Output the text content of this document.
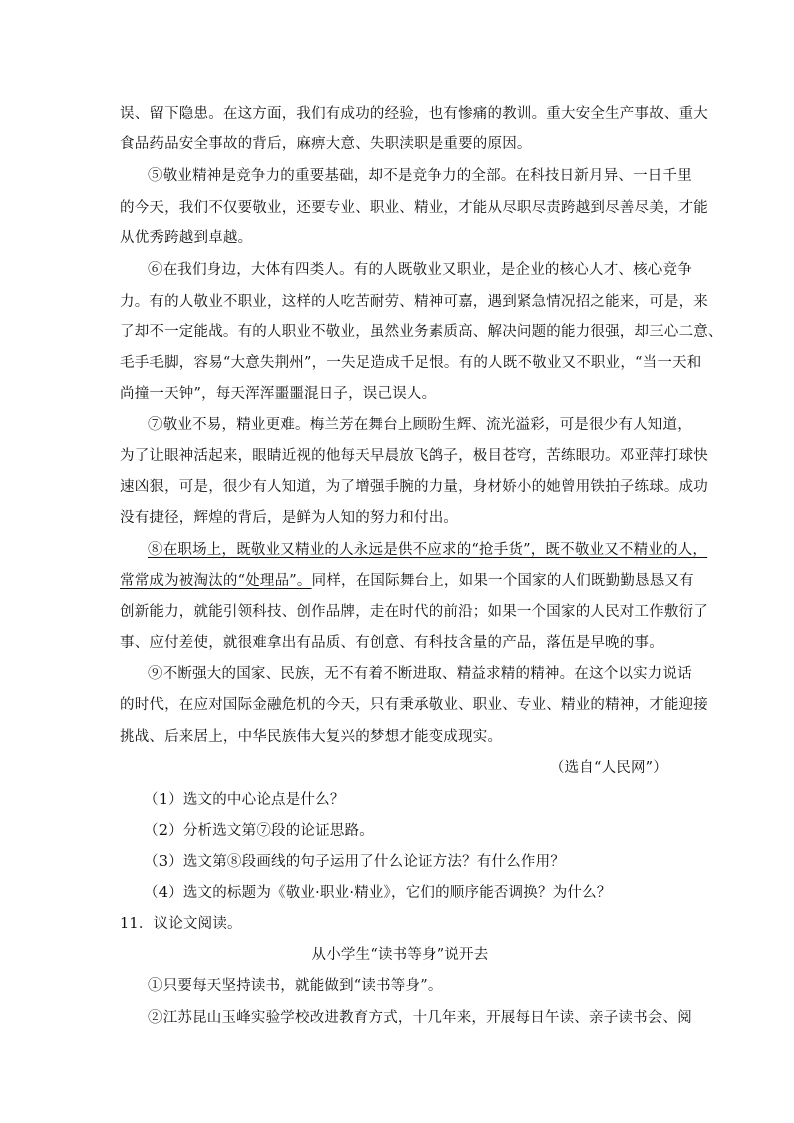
误、留下隐患。在这方面，我们有成功的经验，也有惨痛的教训。重大安全生产事故、重大
食品药品安全事故的背后，麻痹大意、失职渎职是重要的原因。
⑤敬业精神是竞争力的重要基础，却不是竞争力的全部。在科技日新月异、一日千里
的今天，我们不仅要敬业，还要专业、职业、精业，才能从尽职尽责跨越到尽善尽美，才能
从优秀跨越到卓越。
⑥在我们身边，大体有四类人。有的人既敬业又职业，是企业的核心人才、核心竞争
力。有的人敬业不职业，这样的人吃苦耐劳、精神可嘉，遇到紧急情况招之能来，可是，来
了却不一定能战。有的人职业不敬业，虽然业务素质高、解决问题的能力很强，却三心二意、
毛手毛脚，容易“大意失荆州”，一失足造成千足恨。有的人既不敬业又不职业，“当一天和
尚撞一天钟”，每天浑浑噩噩混日子，误己误人。
⑦敬业不易，精业更难。梅兰芳在舞台上顾盼生辉、流光溢彩，可是很少有人知道，
为了让眼神活起来，眼睛近视的他每天早晨放飞鸽子，极目苍穹，苦练眼功。邓亚萍打球快
速凶狠，可是，很少有人知道，为了增强手腕的力量，身材娇小的她曾用铁拍子练球。成功
没有捷径，辉煌的背后，是鲜为人知的努力和付出。
⑧在职场上，既敬业又精业的人永远是供不应求的“抢手货”，既不敬业又不精业的人，
常常成为被淘汰的“处理品”。同样，在国际舞台上，如果一个国家的人们既勤勤恳恳又有
创新能力，就能引领科技、创作品牌，走在时代的前沿；如果一个国家的人民对工作敷衍了
事、应付差使，就很难拿出有品质、有创意、有科技含量的产品，落伍是早晚的事。
⑨不断强大的国家、民族，无不有着不断进取、精益求精的精神。在这个以实力说话
的时代，在应对国际金融危机的今天，只有秉承敬业、职业、专业、精业的精神，才能迎接
挑战、后来居上，中华民族伟大复兴的梦想才能变成现实。
（选自“人民网”）
（1）选文的中心论点是什么？
（2）分析选文第⑦段的论证思路。
（3）选文第⑧段画线的句子运用了什么论证方法？有什么作用？
（4）选文的标题为《敬业·职业·精业》，它们的顺序能否调换？为什么？
11．议论文阅读。
从小学生“读书等身”说开去
①只要每天坚持读书，就能做到“读书等身”。
②江苏昆山玉峰实验学校改进教育方式，十几年来，开展每日午读、亲子读书会、阅
